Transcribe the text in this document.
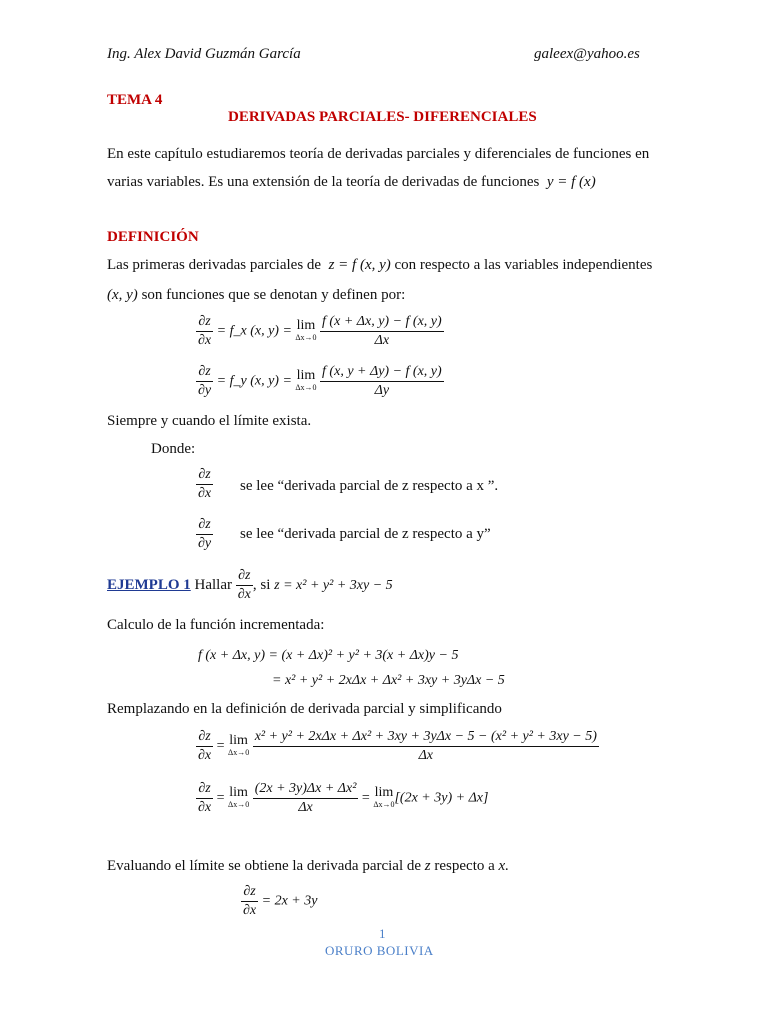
Ing. Alex David Guzmán García	galeex@yahoo.es
TEMA 4
DERIVADAS PARCIALES- DIFERENCIALES
En este capítulo estudiaremos teoría de derivadas parciales y diferenciales de funciones en
varias variables. Es una extensión de la teoría de derivadas de funciones y = f (x)
DEFINICIÓN
Las primeras derivadas parciales de z = f (x, y) con respecto a las variables independientes
(x, y) son funciones que se denotan y definen por:
$\frac{\partial z}{\partial x}$ = f_x (x, y) = lim
Δx→0
$\frac{f (x + \Delta x, y) - f (x, y)}{\Delta x}$
$\frac{\partial z}{\partial y}$ = f_y (x, y) = lim
Δx→0
$\frac{f (x, y + \Delta y) - f (x, y)}{\Delta y}$
Siempre y cuando el límite exista.
Donde:
$\frac{\partial z}{\partial x}$ se lee “derivada parcial de z respecto a x ”.
$\frac{\partial z}{\partial y}$ se lee “derivada parcial de z respecto a y”
EJEMPLO 1 Hallar $\frac{\partial z}{\partial x}$ , si z = x² + y² + 3xy − 5
Calculo de la función incrementada:
f (x + Δx, y) = (x + Δx)² + y² + 3(x + Δx)y − 5
= x² + y² + 2xΔx + Δx² + 3xy + 3yΔx − 5
Remplazando en la definición de derivada parcial y simplificando
$\frac{\partial z}{\partial x} = \lim$
Δx→0
$\frac{\text{x² + y² + 2xΔx + Δx² + 3xy + 3yΔx − 5 − (x² + y² + 3xy − 5)}}{\Delta x}$
$\frac{\partial z}{\partial x} = \lim$
Δx→0
$\frac{\text{(2x + 3y)Δx + Δx²}}{\Delta x} = \lim$
Δx→0 [(2x + 3y) + Δx]
Evaluando el límite se obtiene la derivada parcial de z respecto a x.
$\frac{\partial z}{\partial x} = 2x + 3y$
1
ORURO BOLIVIA
